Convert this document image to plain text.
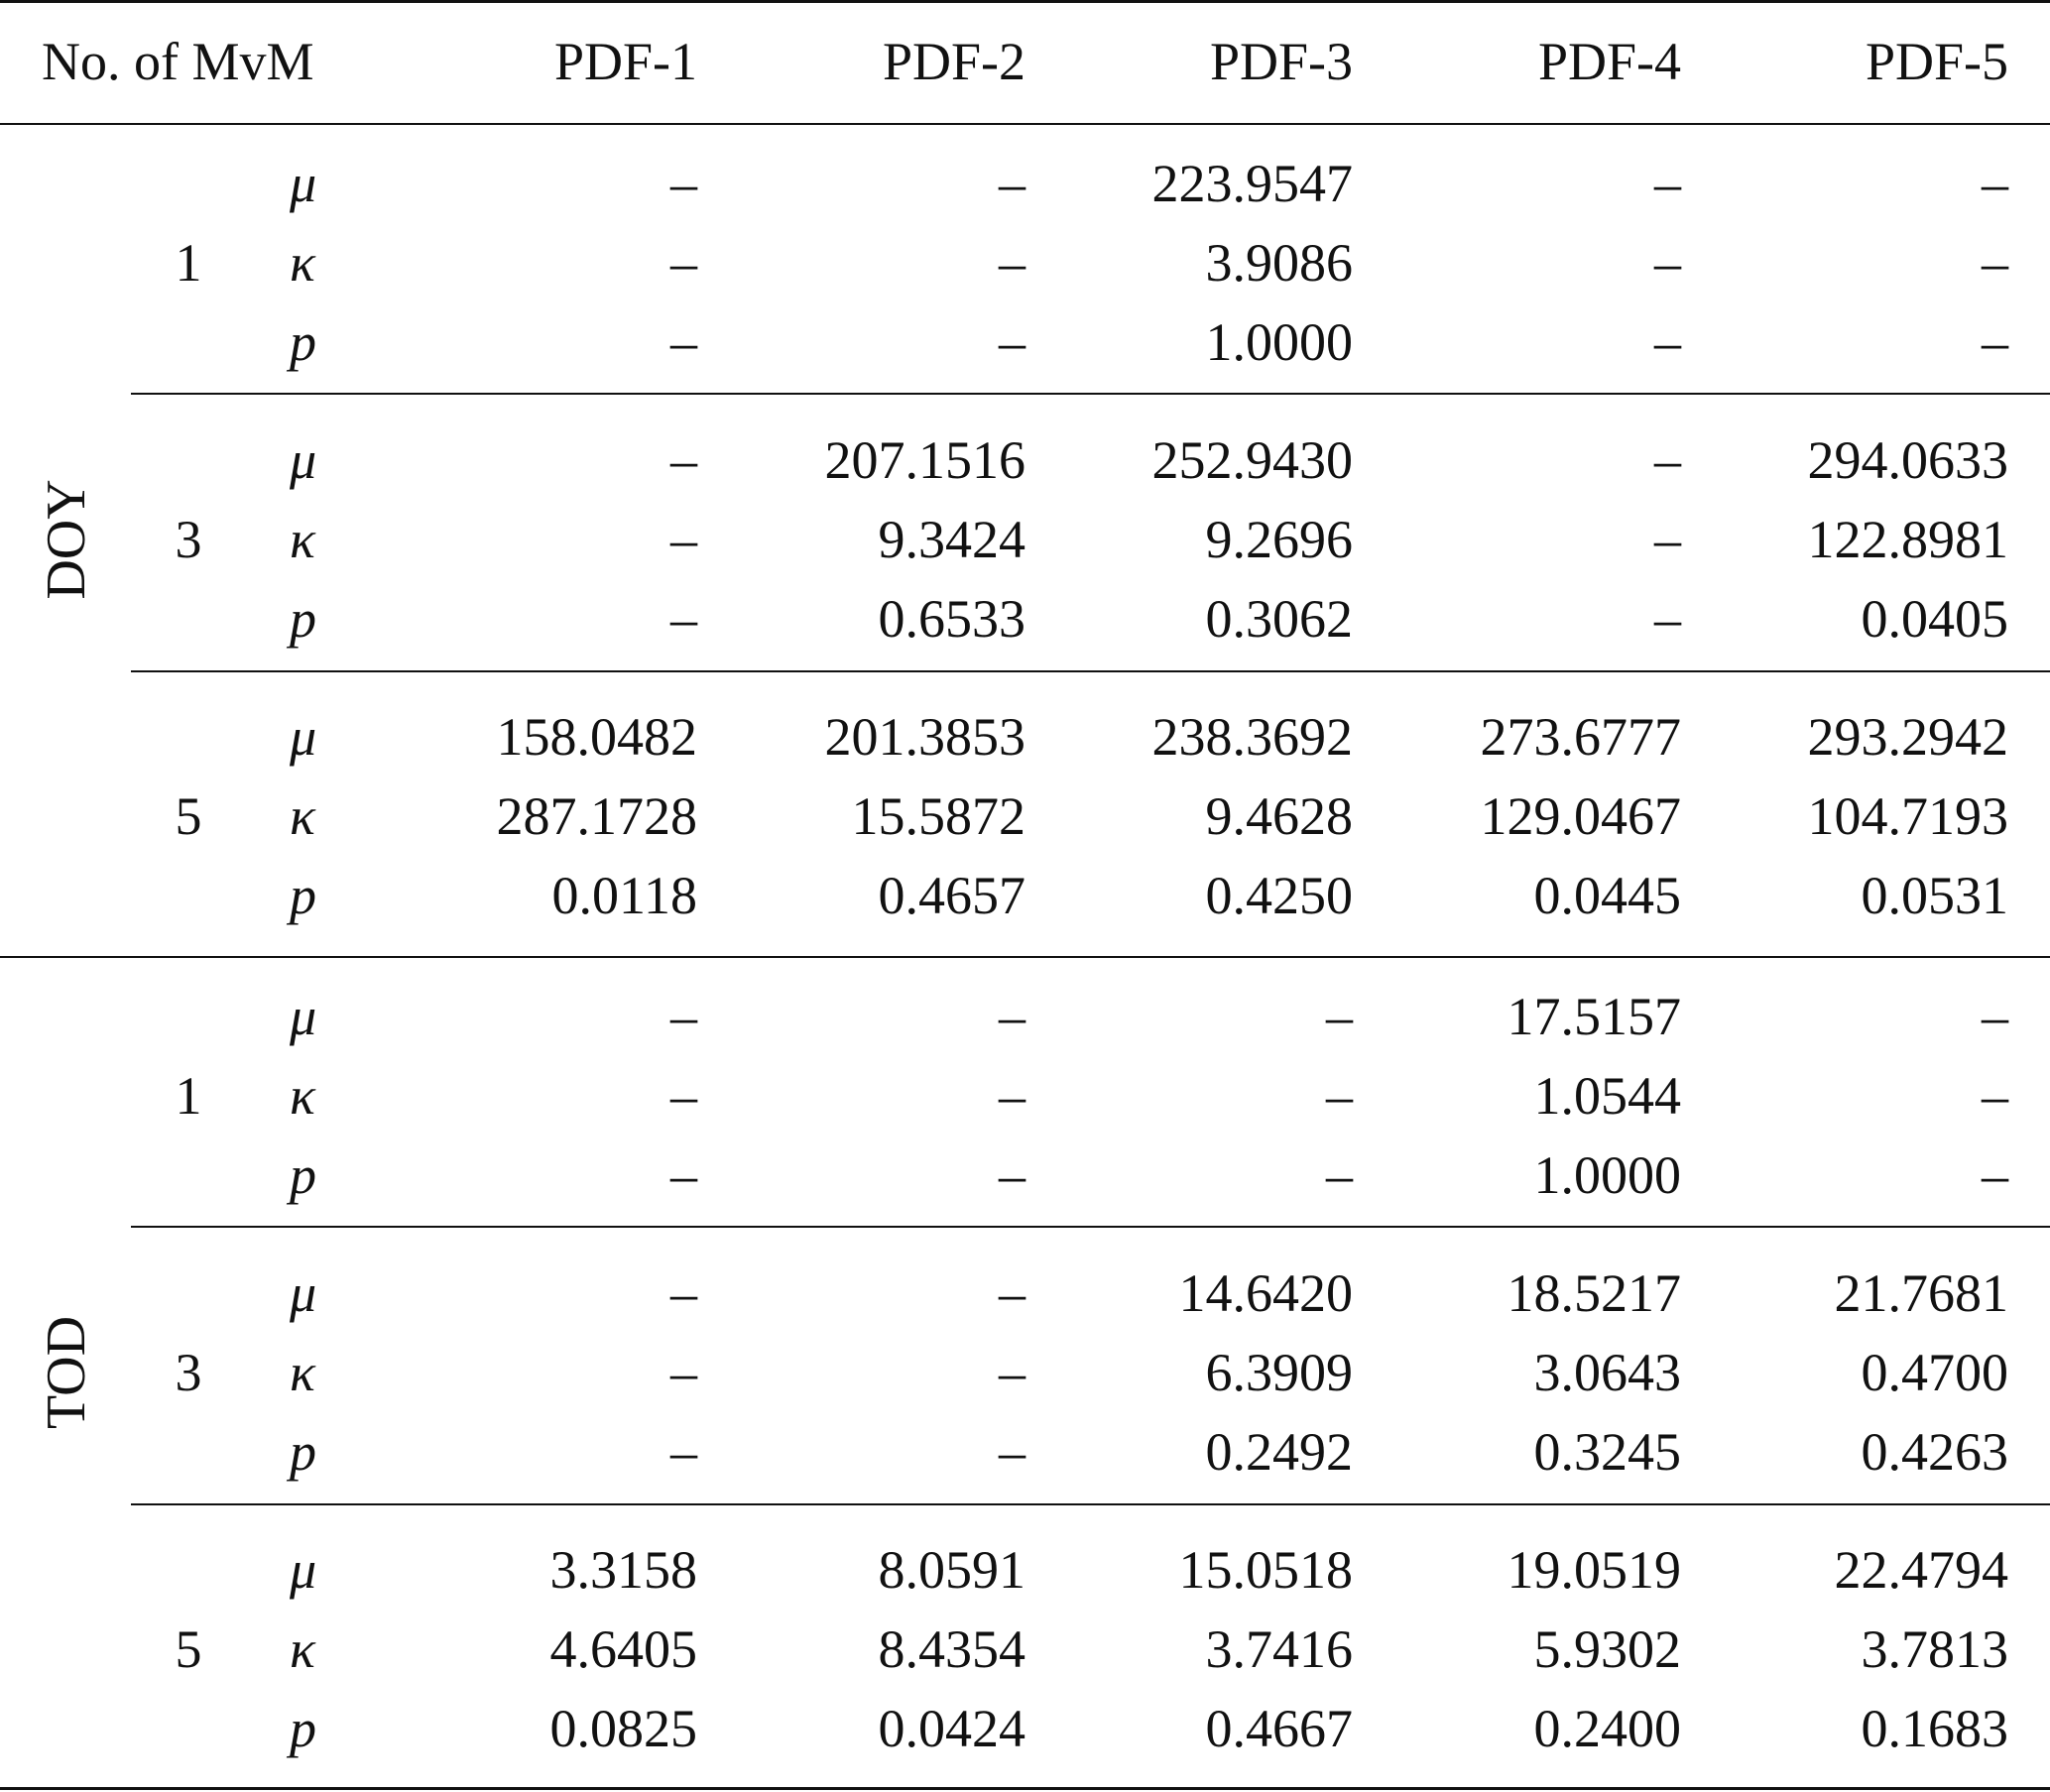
No. of MvM	PDF-1	PDF-2	PDF-3	PDF-4	PDF-5
1
μ	–	–	223.9547	–	–
κ	–	–	3.9086	–	–
p	–	–	1.0000	–	–
3
μ	–	207.1516	252.9430	–	294.0633
κ	–	9.3424	9.2696	–	122.8981
p	–	0.6533	0.3062	–	0.0405
5
μ	158.0482	201.3853	238.3692	273.6777	293.2942
κ	287.1728	15.5872	9.4628	129.0467	104.7193
p	0.0118	0.4657	0.4250	0.0445	0.0531
DOY
1
μ	–	–	–	17.5157	–
κ	–	–	–	1.0544	–
p	–	–	–	1.0000	–
3
μ	–	–	14.6420	18.5217	21.7681
κ	–	–	6.3909	3.0643	0.4700
p	–	–	0.2492	0.3245	0.4263
5
μ	3.3158	8.0591	15.0518	19.0519	22.4794
κ	4.6405	8.4354	3.7416	5.9302	3.7813
p	0.0825	0.0424	0.4667	0.2400	0.1683
TOD
